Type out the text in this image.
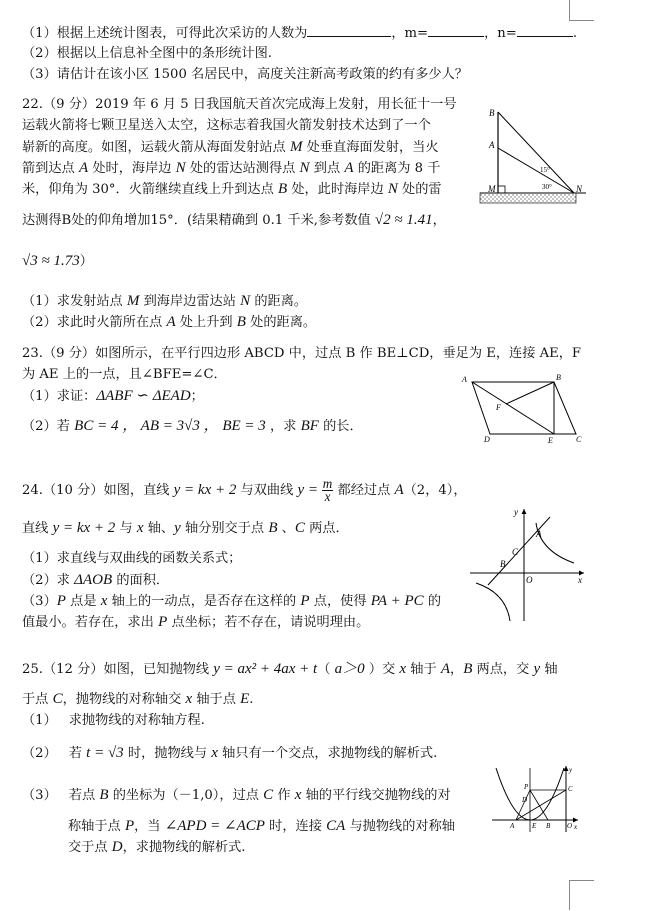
（1）根据上述统计图表，可得此次采访的人数为	，m=	，n=	.
（2）根据以上信息补全图中的条形统计图.
（3）请估计在该小区 1500 名居民中，高度关注新高考政策的约有多少人？
22.（9 分）2019 年 6 月 5 日我国航天首次完成海上发射，用长征十一号
运载火箭将七颗卫星送入太空，这标志着我国火箭发射技术达到了一个
崭新的高度。如图，运载火箭从海面发射站点 M 处垂直海面发射，当火
箭到达点 A 处时，海岸边 N 处的雷达站测得点 N 到点 A 的距离为 8 千
米，仰角为 30°．火箭继续直线上升到达点 B 处，此时海岸边 N 处的雷
达测得B处的仰角增加15°．(结果精确到 0.1 千米,参考数值 √2 ≈ 1.41，
√3 ≈ 1.73）
（1）求发射站点 M 到海岸边雷达站 N 的距离。
（2）求此时火箭所在点 A 处上升到 B 处的距离。
B
A
M	N
15°
30°
23.（9 分）如图所示，在平行四边形 ABCD 中，过点 B 作 BE⊥CD，垂足为 E，连接 AE，F
为 AE 上的一点，且∠BFE=∠C．
（1）求证：ΔABF ∽ ΔEAD；
（2）若 BC = 4 ， AB = 3√3 ， BE = 3 ，求 BF 的长．
A	B
C
D	E
F
24.（10 分）如图，直线 y = kx + 2 与双曲线 $y = \frac{m}{x}$ 都经过点 A（2，4），
直线 y = kx + 2 与 x 轴、y 轴分别交于点 B 、C 两点．
（1）求直线与双曲线的函数关系式；
（2）求 ΔAOB 的面积．
（3）P 点是 x 轴上的一动点，是否存在这样的 P 点，使得 PA + PC 的
值最小。若存在，求出 P 点坐标；若不存在，请说明理由。
y
x
A
C
B
O
25.（12 分）如图，已知抛物线 y = ax² + 4ax + t（ a＞0 ）交 x 轴于 A，B 两点，交 y 轴
于点 C，抛物线的对称轴交 x 轴于点 E.
（1） 求抛物线的对称轴方程.
（2） 若 t = √3 时，抛物线与 x 轴只有一个交点，求抛物线的解析式.
（3） 若点 B 的坐标为（－1,0），过点 C 作 x 轴的平行线交抛物线的对
称轴于点 P，当 ∠APD = ∠ACP 时，连接 CA 与抛物线的对称轴
交于点 D，求抛物线的解析式.
y
x
C
P
D
A	E B O
